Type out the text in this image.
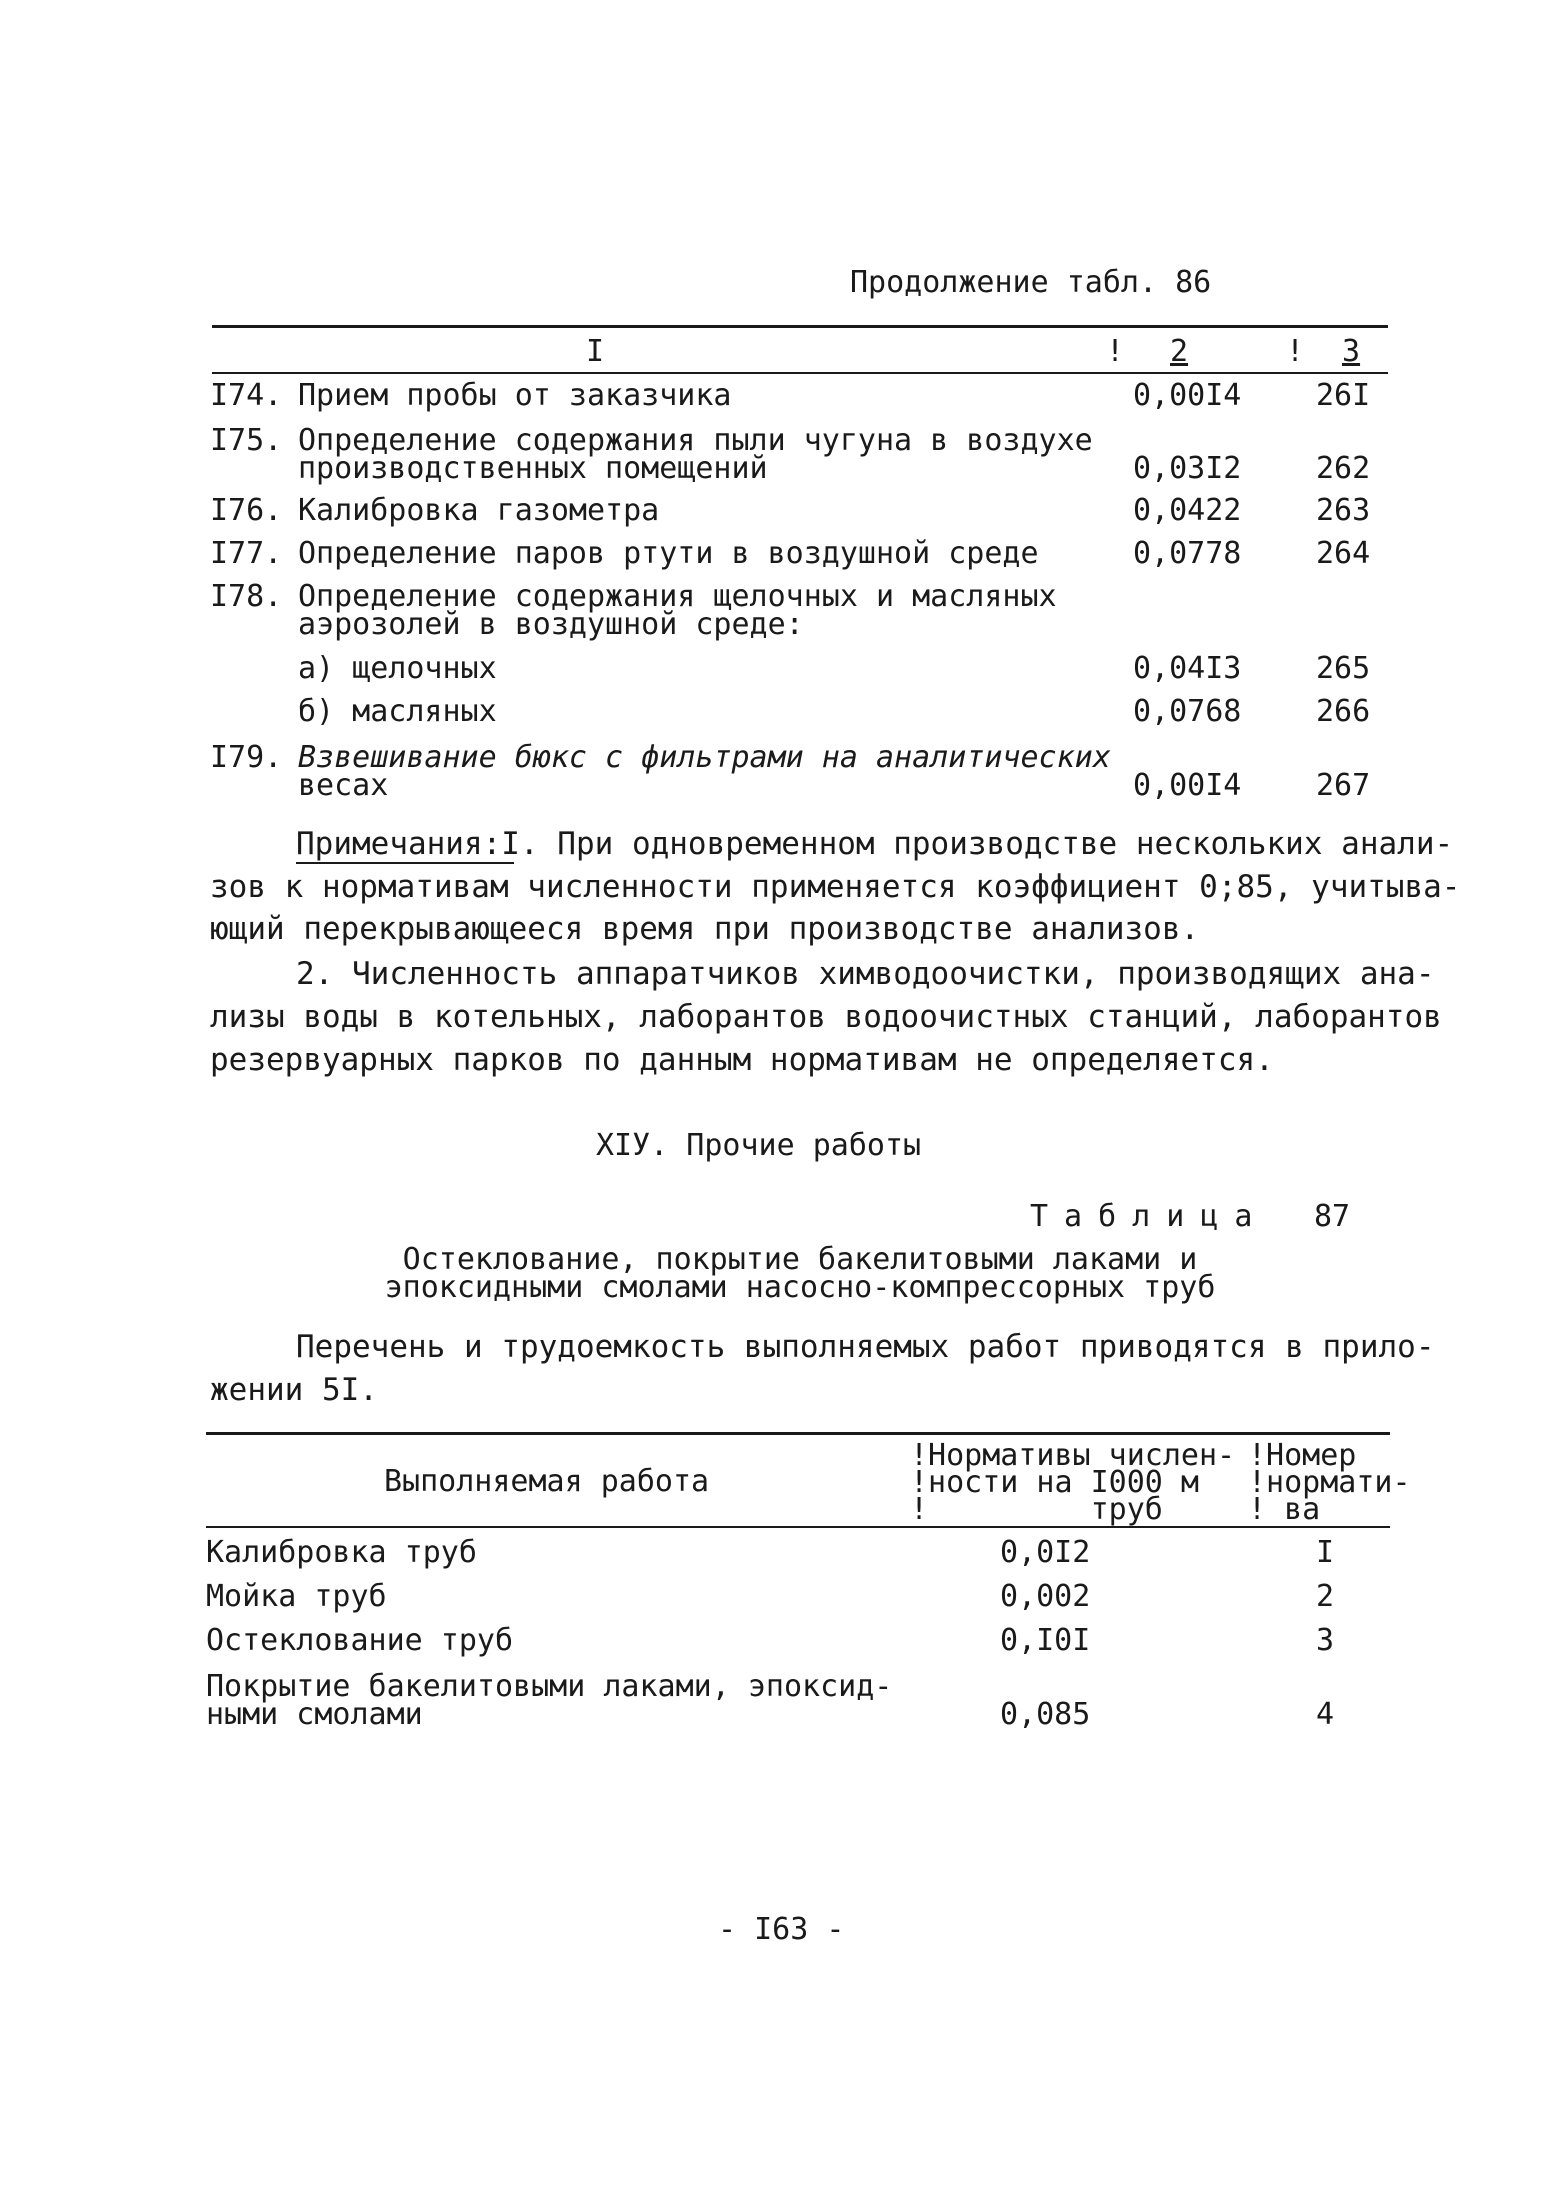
Продолжение табл. 86
I	! 2	! 3
I74. Прием пробы от заказчика	0,00I4 26I
I75. Определение содержания пыли чугуна в воздухе
производственных помещений	0,03I2 262
I76. Калибровка газометра	0,0422 263
I77. Определение паров ртути в воздушной среде	0,0778 264
I78. Определение содержания щелочных и масляных
аэрозолей в воздушной среде:
а) щелочных	0,04I3 265
б) масляных	0,0768 266
I79. Взвешивание бюкс с фильтрами на аналитических
весах	0,00I4 267
Примечания:I. При одновременном производстве нескольких анали-
зов к нормативам численности применяется коэффициент 0;85, учитыва-
ющий перекрывающееся время при производстве анализов.
2. Численность аппаратчиков химводоочистки, производящих ана-
лизы воды в котельных, лаборантов водоочистных станций, лаборантов
резервуарных парков по данным нормативам не определяется.
XIУ. Прочие работы
Таблица 87
Остеклование, покрытие бакелитовыми лаками и
эпоксидными смолами насосно-компрессорных труб
Перечень и трудоемкость выполняемых работ приводятся в прило-
жении 5I.
Выполняемая работа
!Нормативы числен-
!ности на I000 м
!         труб
!Номер
!нормати-
! ва
Калибровка труб	0,0I2	I
Мойка труб	0,002	2
Остеклование труб	0,I0I	3
Покрытие бакелитовыми лаками, эпоксид-
ными смолами	0,085	4
- I63 -
